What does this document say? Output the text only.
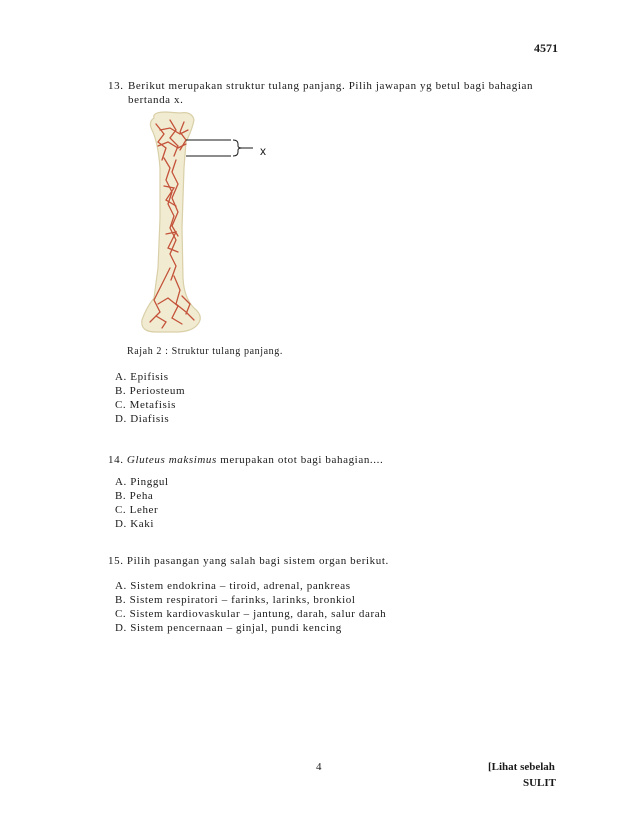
4571
13. Berikut merupakan struktur tulang panjang. Pilih jawapan yg betul bagi bahagian
bertanda x.
x
Rajah 2 : Struktur tulang panjang.
A. Epifisis
B. Periosteum
C. Metafisis
D. Diafisis
14. Gluteus maksimus merupakan otot bagi bahagian....
A. Pinggul
B. Peha
C. Leher
D. Kaki
15. Pilih pasangan yang salah bagi sistem organ berikut.
A. Sistem endokrina – tiroid, adrenal, pankreas
B. Sistem respiratori – farinks, larinks, bronkiol
C. Sistem kardiovaskular – jantung, darah, salur darah
D. Sistem pencernaan – ginjal, pundi kencing
4	[Lihat sebelah
SULIT
